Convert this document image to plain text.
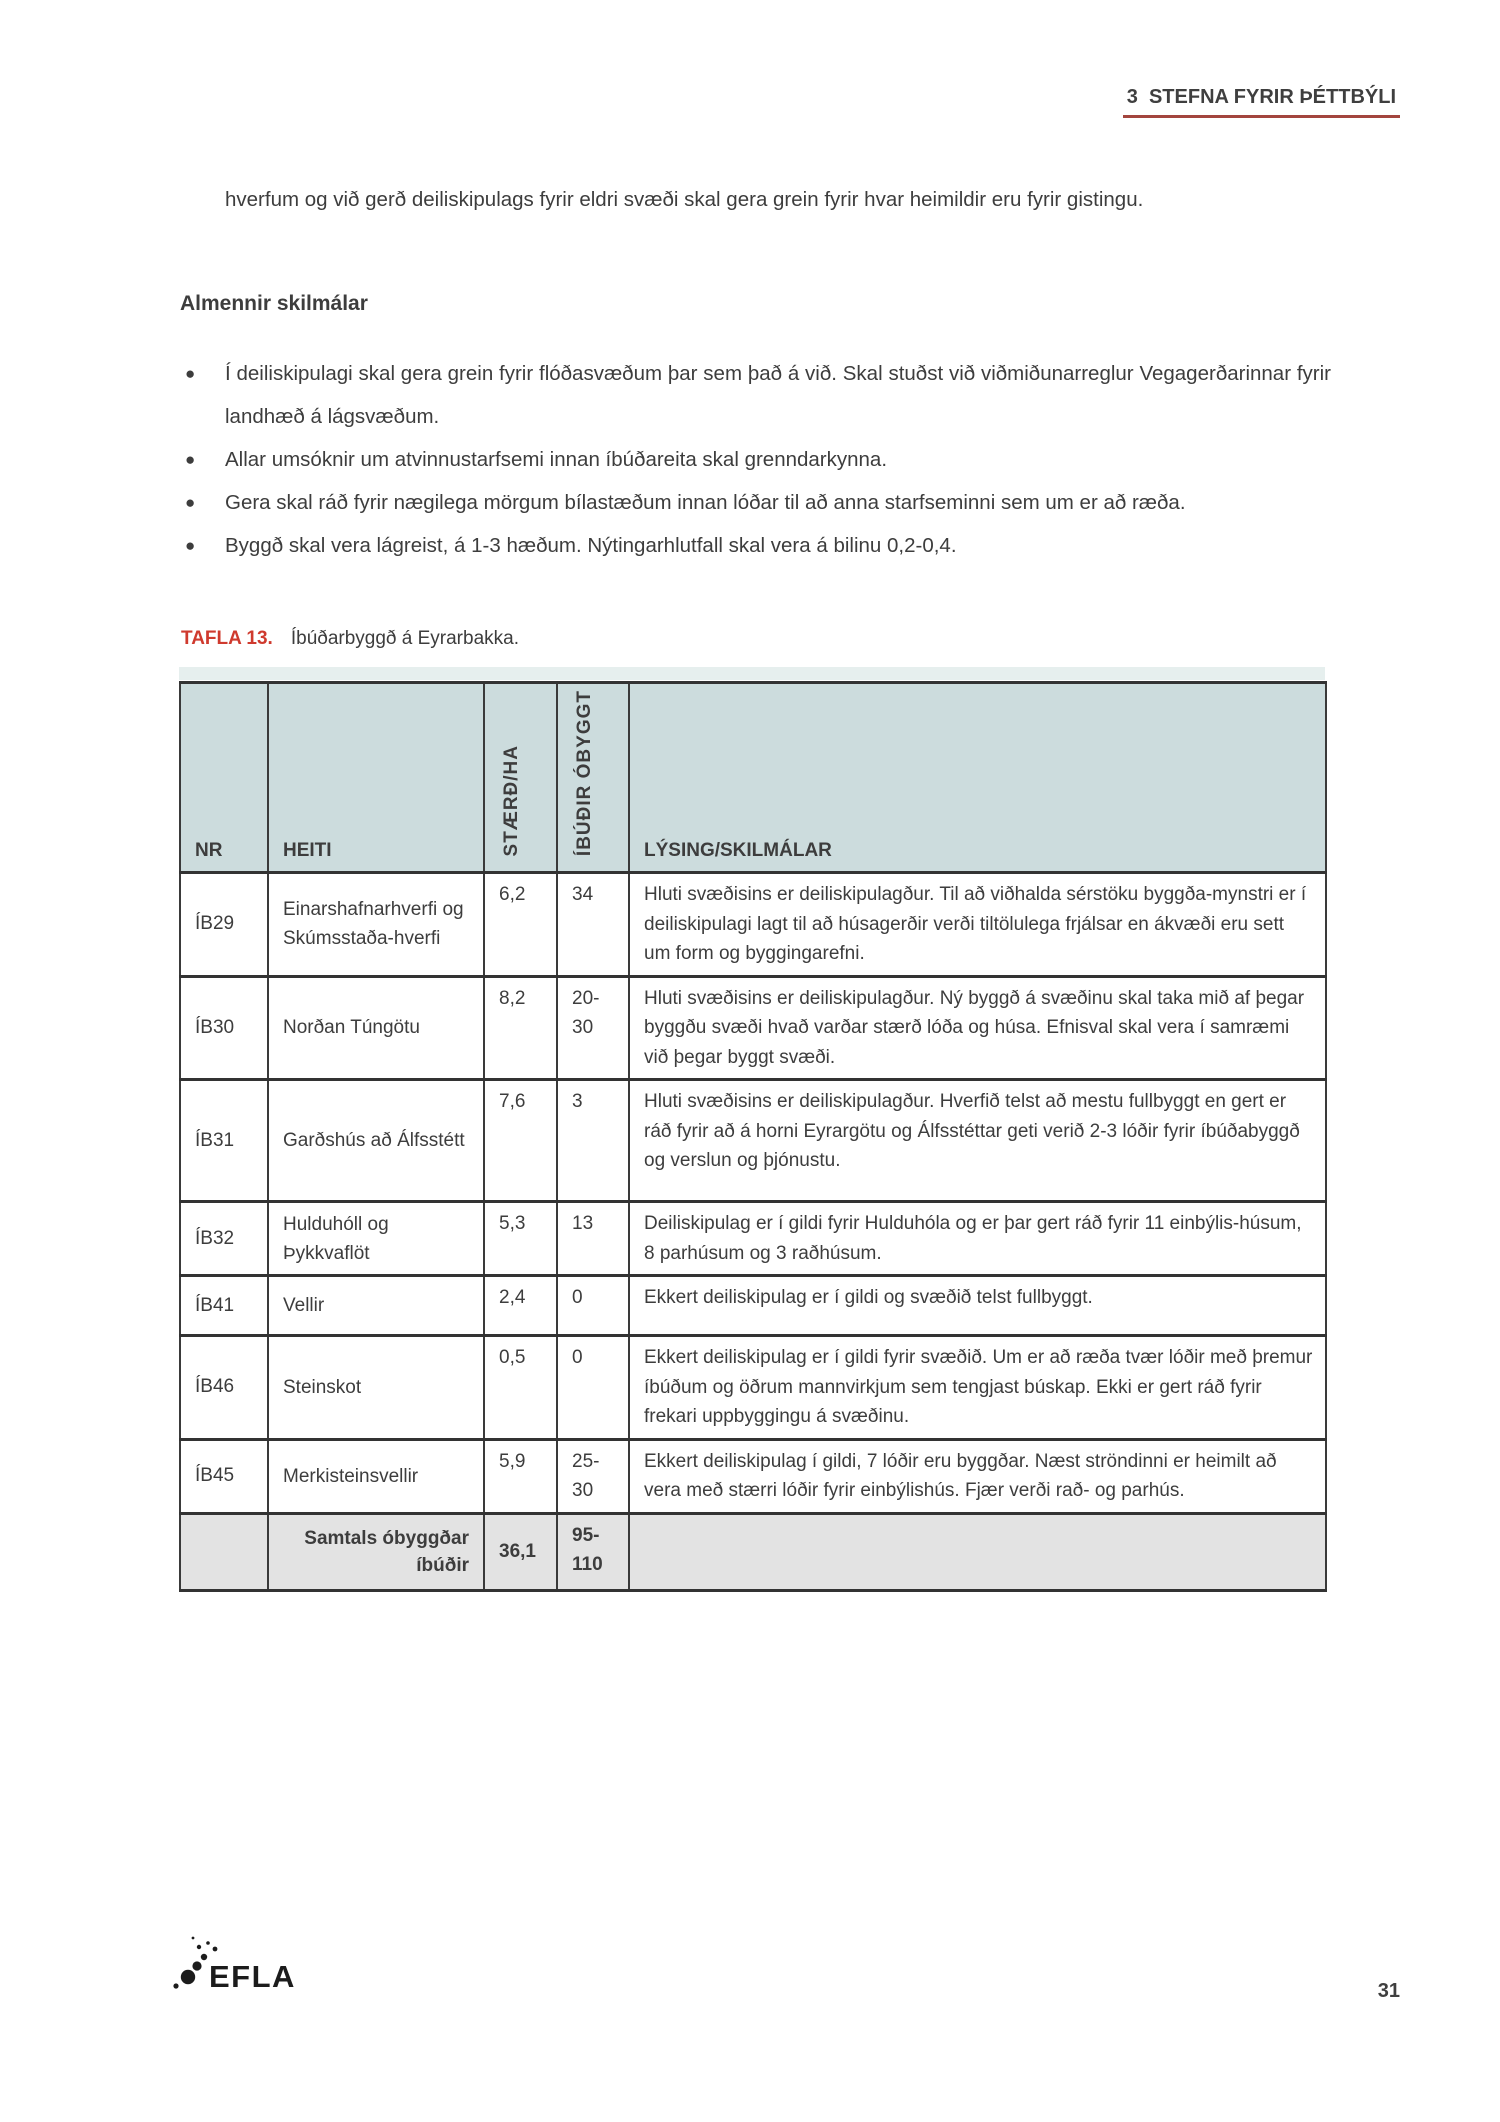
3  STEFNA FYRIR ÞÉTTBÝLI
hverfum og við gerð deiliskipulags fyrir eldri svæði skal gera grein fyrir hvar heimildir eru fyrir gistingu.
Almennir skilmálar
● Í deiliskipulagi skal gera grein fyrir flóðasvæðum þar sem það á við. Skal stuðst við viðmiðunarreglur Vegagerðarinnar fyrir landhæð á lágsvæðum.
● Allar umsóknir um atvinnustarfsemi innan íbúðareita skal grenndarkynna.
● Gera skal ráð fyrir nægilega mörgum bílastæðum innan lóðar til að anna starfseminni sem um er að ræða.
● Byggð skal vera lágreist, á 1-3 hæðum. Nýtingarhlutfall skal vera á bilinu 0,2-0,4.
TAFLA 13. Íbúðarbyggð á Eyrarbakka.
NR	HEITI	STÆRÐ/HA	ÍBÚÐIR ÓBYGGT	LÝSING/SKILMÁLAR
ÍB29	Einarshafnarhverfi og Skúmsstaða-hverfi	6,2	34	Hluti svæðisins er deiliskipulagður. Til að viðhalda sérstöku byggða-mynstri er í deiliskipulagi lagt til að húsagerðir verði tiltölulega frjálsar en ákvæði eru sett um form og byggingarefni.
ÍB30	Norðan Túngötu	8,2	20-30	Hluti svæðisins er deiliskipulagður. Ný byggð á svæðinu skal taka mið af þegar byggðu svæði hvað varðar stærð lóða og húsa. Efnisval skal vera í samræmi við þegar byggt svæði.
ÍB31	Garðshús að Álfsstétt	7,6	3	Hluti svæðisins er deiliskipulagður. Hverfið telst að mestu fullbyggt en gert er ráð fyrir að á horni Eyrargötu og Álfsstéttar geti verið 2-3 lóðir fyrir íbúðabyggð og verslun og þjónustu.
ÍB32	Hulduhóll og Þykkvaflöt	5,3	13	Deiliskipulag er í gildi fyrir Hulduhóla og er þar gert ráð fyrir 11 einbýlis-húsum, 8 parhúsum og 3 raðhúsum.
ÍB41	Vellir	2,4	0	Ekkert deiliskipulag er í gildi og svæðið telst fullbyggt.
ÍB46	Steinskot	0,5	0	Ekkert deiliskipulag er í gildi fyrir svæðið. Um er að ræða tvær lóðir með þremur íbúðum og öðrum mannvirkjum sem tengjast búskap. Ekki er gert ráð fyrir frekari uppbyggingu á svæðinu.
ÍB45	Merkisteinsvellir	5,9	25-30	Ekkert deiliskipulag í gildi, 7 lóðir eru byggðar. Næst ströndinni er heimilt að vera með stærri lóðir fyrir einbýlishús. Fjær verði rað- og parhús.
	Samtals óbyggðar íbúðir	36,1	95-110	
EFLA	31
